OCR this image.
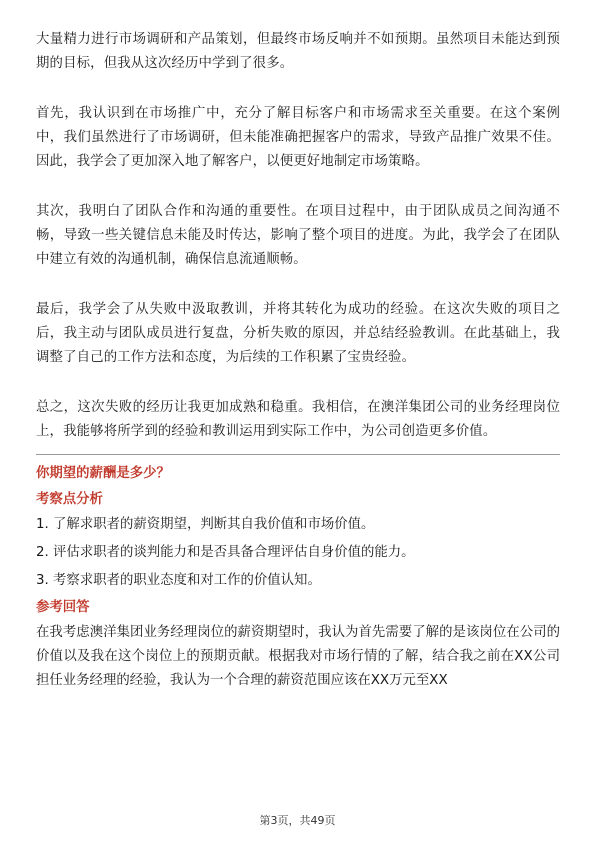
大量精力进行市场调研和产品策划，但最终市场反响并不如预期。虽然项目未能达到预期的目标，但我从这次经历中学到了很多。

首先，我认识到在市场推广中，充分了解目标客户和市场需求至关重要。在这个案例中，我们虽然进行了市场调研，但未能准确把握客户的需求，导致产品推广效果不佳。因此，我学会了更加深入地了解客户，以便更好地制定市场策略。

其次，我明白了团队合作和沟通的重要性。在项目过程中，由于团队成员之间沟通不畅，导致一些关键信息未能及时传达，影响了整个项目的进度。为此，我学会了在团队中建立有效的沟通机制，确保信息流通顺畅。

最后，我学会了从失败中汲取教训，并将其转化为成功的经验。在这次失败的项目之后，我主动与团队成员进行复盘，分析失败的原因，并总结经验教训。在此基础上，我调整了自己的工作方法和态度，为后续的工作积累了宝贵经验。

总之，这次失败的经历让我更加成熟和稳重。我相信，在澳洋集团公司的业务经理岗位上，我能够将所学到的经验和教训运用到实际工作中，为公司创造更多价值。

你期望的薪酬是多少？
考察点分析
1. 了解求职者的薪资期望，判断其自我价值和市场价值。
2. 评估求职者的谈判能力和是否具备合理评估自身价值的能力。
3. 考察求职者的职业态度和对工作的价值认知。
参考回答

在我考虑澳洋集团业务经理岗位的薪资期望时，我认为首先需要了解的是该岗位在公司的价值以及我在这个岗位上的预期贡献。根据我对市场行情的了解，结合我之前在XX公司担任业务经理的经验，我认为一个合理的薪资范围应该在XX万元至XX

第3页，共49页
